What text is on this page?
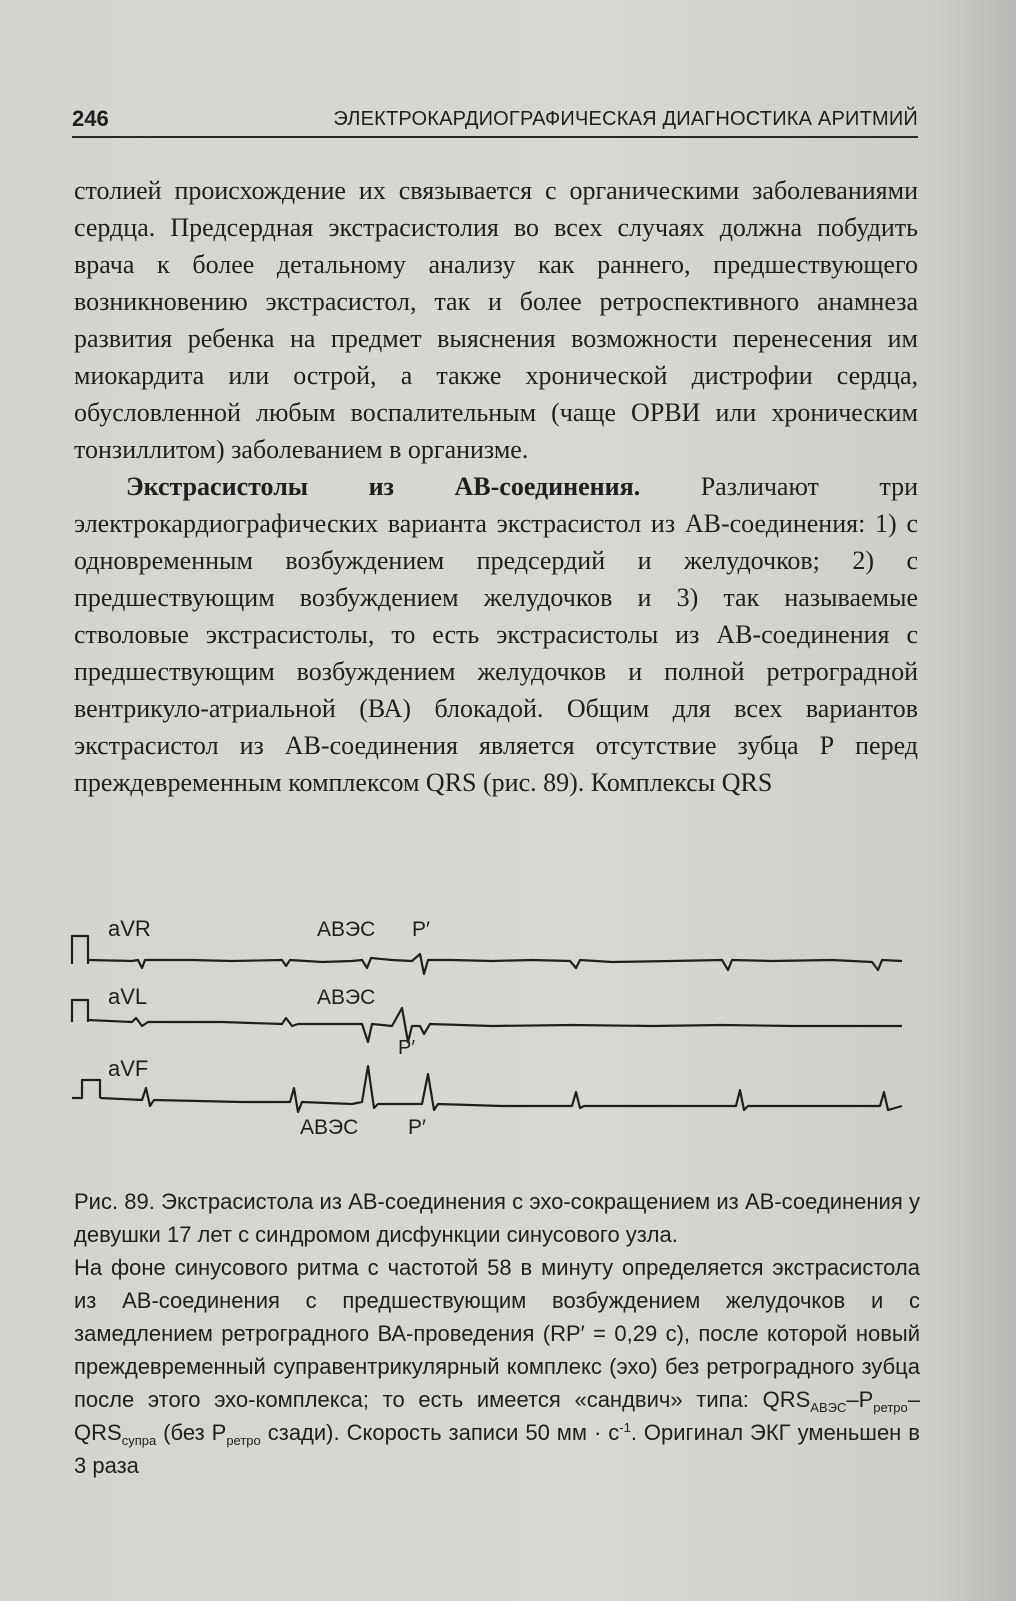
246	ЭЛЕКТРОКАРДИОГРАФИЧЕСКАЯ ДИАГНОСТИКА АРИТМИЙ

столией происхождение их связывается с органическими заболеваниями сердца. Предсердная экстрасистолия во всех случаях должна побудить врача к более детальному анализу как раннего, предшествующего возникновению экстрасистол, так и более ретроспективного анамнеза развития ребенка на предмет выяснения возможности перенесения им миокардита или острой, а также хронической дистрофии сердца, обусловленной любым воспалительным (чаще ОРВИ или хроническим тонзиллитом) заболеванием в организме.

Экстрасистолы из АВ-соединения. Различают три электрокардиографических варианта экстрасистол из АВ-соединения: 1) с одновременным возбуждением предсердий и желудочков; 2) с предшествующим возбуждением желудочков и 3) так называемые стволовые экстрасистолы, то есть экстрасистолы из АВ-соединения с предшествующим возбуждением желудочков и полной ретроградной вентрикуло-атриальной (ВА) блокадой. Общим для всех вариантов экстрасистол из АВ-соединения является отсутствие зубца Р перед преждевременным комплексом QRS (рис. 89). Комплексы QRS

aVR	АВЭС P′
aVL	АВЭС
P′
aVF
АВЭС P′

Рис. 89. Экстрасистола из АВ-соединения с эхо-сокращением из АВ-соединения у девушки 17 лет с синдромом дисфункции синусового узла.

На фоне синусового ритма с частотой 58 в минуту определяется экстрасистола из АВ-соединения с предшествующим возбуждением желудочков и с замедлением ретроградного ВА-проведения (RP′ = 0,29 с), после которой новый преждевременный суправентрикулярный комплекс (эхо) без ретроградного зубца после этого эхо-комплекса; то есть имеется «сандвич» типа: $QRS_{АВЭС}-P_{ретро}-$ $QRS_{супра}$ (без $P_{ретро}$ сзади). Скорость записи 50 мм · $с^{-1}$. Оригинал ЭКГ уменьшен в 3 раза
